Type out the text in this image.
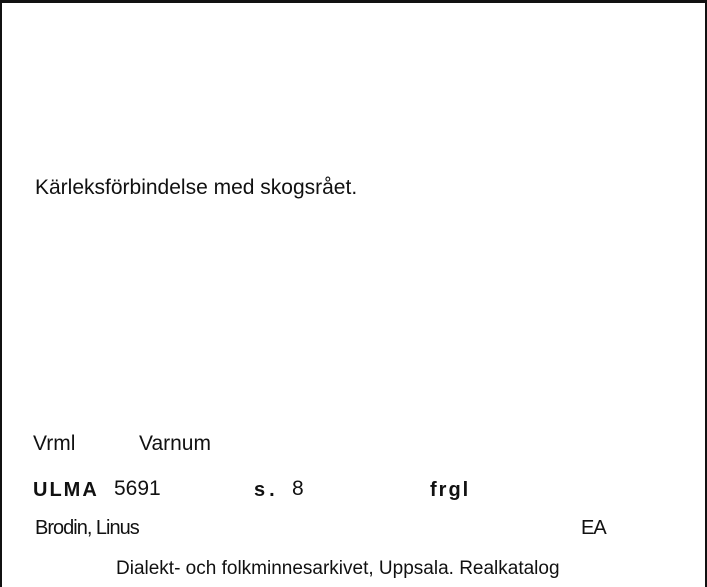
Kärleksförbindelse med skogsrået.
Vrml	Varnum
ULMA 5691	s. 8	frgl
Brodin, Linus	EA
Dialekt- och folkminnesarkivet, Uppsala. Realkatalog
